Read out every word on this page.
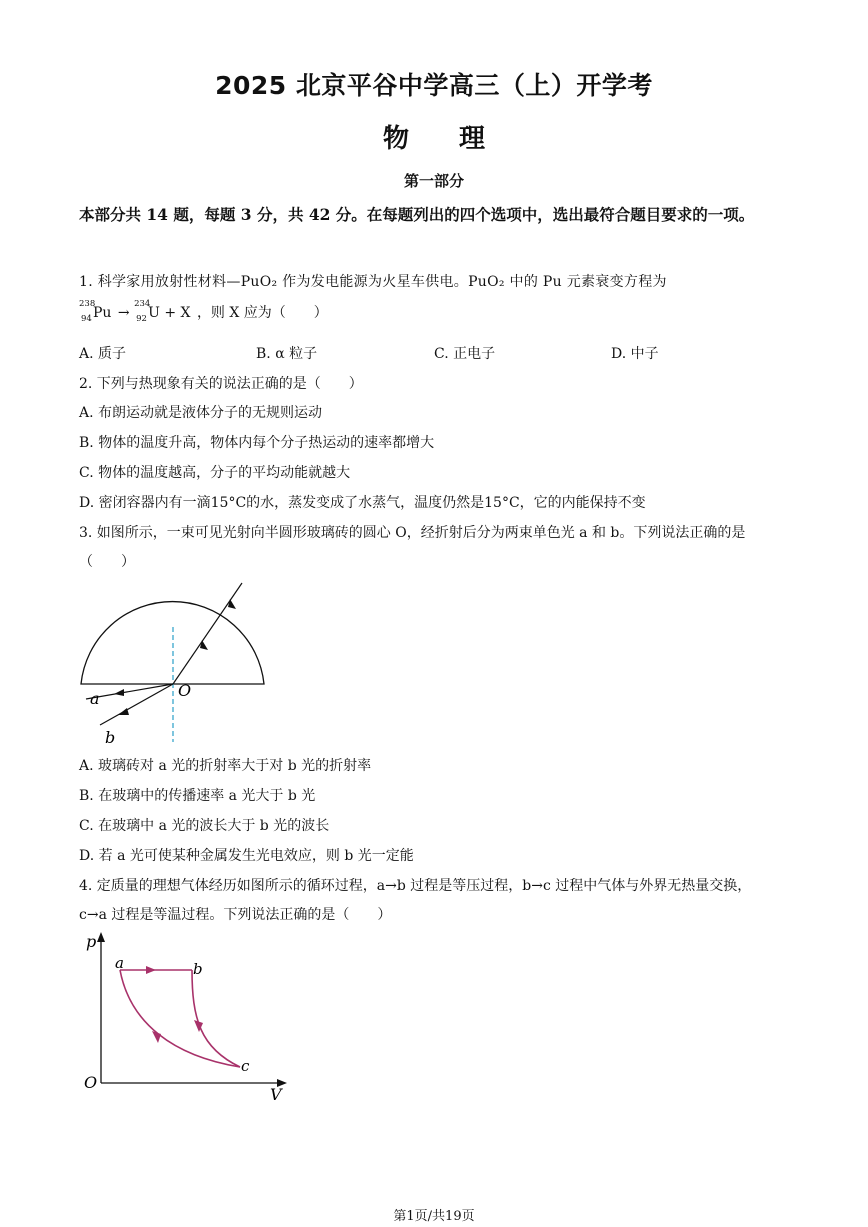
2025 北京平谷中学高三（上）开学考
物理
第一部分
本部分共 14 题，每题 3 分，共 42 分。在每题列出的四个选项中，选出最符合题目要求的一项。
1. 科学家用放射性材料—PuO₂ 作为发电能源为火星车供电。PuO₂ 中的 Pu 元素衰变方程为
238
94 Pu →
234
92 U + X ，则 X 应为（　　）
A. 质子	B. α 粒子	C. 正电子	D. 中子
2. 下列与热现象有关的说法正确的是（　　）
A. 布朗运动就是液体分子的无规则运动
B. 物体的温度升高，物体内每个分子热运动的速率都增大
C. 物体的温度越高，分子的平均动能就越大
D. 密闭容器内有一滴15°C的水，蒸发变成了水蒸气，温度仍然是15°C，它的内能保持不变
3. 如图所示，一束可见光射向半圆形玻璃砖的圆心 O，经折射后分为两束单色光 a 和 b。下列说法正确的是
（　　）
O
a
b
A. 玻璃砖对 a 光的折射率大于对 b 光的折射率
B. 在玻璃中的传播速率 a 光大于 b 光
C. 在玻璃中 a 光的波长大于 b 光的波长
D. 若 a 光可使某种金属发生光电效应，则 b 光一定能
4. 定质量的理想气体经历如图所示的循环过程，a→b 过程是等压过程，b→c 过程中气体与外界无热量交换，
c→a 过程是等温过程。下列说法正确的是（　　）
p
V
O
a	b
c
第1页/共19页
